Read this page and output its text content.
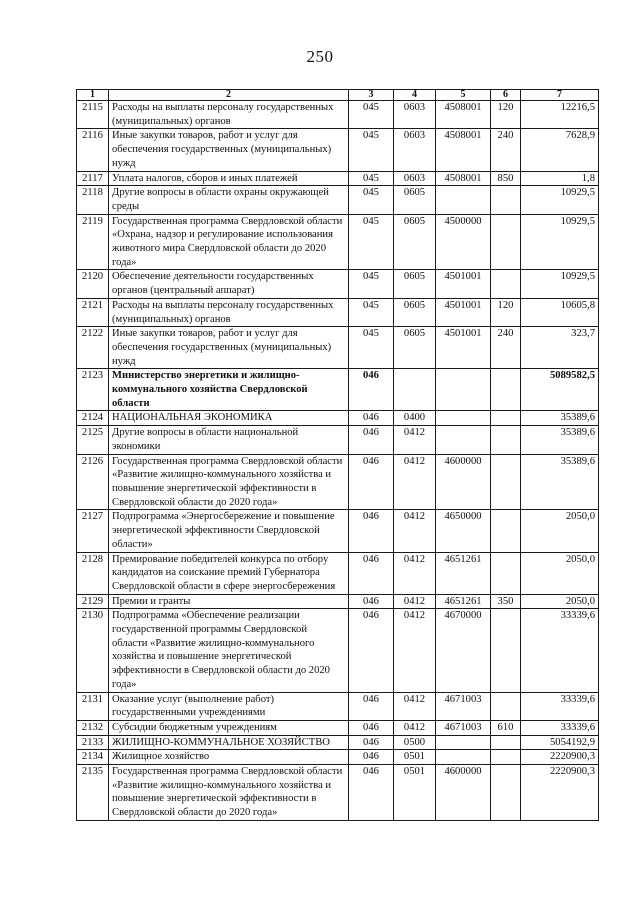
250
1	2	3	4	5	6	7
2115	Расходы на выплаты персоналу государственных (муниципальных) органов	045	0603	4508001	120	12216,5
2116	Иные закупки товаров, работ и услуг для обеспечения государственных (муниципальных) нужд	045	0603	4508001	240	7628,9
2117	Уплата налогов, сборов и иных платежей	045	0603	4508001	850	1,8
2118	Другие вопросы в области охраны окружающей среды	045	0605			10929,5
2119	Государственная программа Свердловской области «Охрана, надзор и регулирование использования животного мира Свердловской области до 2020 года»	045	0605	4500000		10929,5
2120	Обеспечение деятельности государственных органов (центральный аппарат)	045	0605	4501001		10929,5
2121	Расходы на выплаты персоналу государственных (муниципальных) органов	045	0605	4501001	120	10605,8
2122	Иные закупки товаров, работ и услуг для обеспечения государственных (муниципальных) нужд	045	0605	4501001	240	323,7
2123	Министерство энергетики и жилищно-коммунального хозяйства Свердловской области	046				5089582,5
2124	НАЦИОНАЛЬНАЯ ЭКОНОМИКА	046	0400			35389,6
2125	Другие вопросы в области национальной экономики	046	0412			35389,6
2126	Государственная программа Свердловской области «Развитие жилищно-коммунального хозяйства и повышение энергетической эффективности в Свердловской области до 2020 года»	046	0412	4600000		35389,6
2127	Подпрограмма «Энергосбережение и повышение энергетической эффективности Свердловской области»	046	0412	4650000		2050,0
2128	Премирование победителей конкурса по отбору кандидатов на соискание премий Губернатора Свердловской области в сфере энергосбережения	046	0412	4651261		2050,0
2129	Премии и гранты	046	0412	4651261	350	2050,0
2130	Подпрограмма «Обеспечение реализации государственной программы Свердловской области «Развитие жилищно-коммунального хозяйства и повышение энергетической эффективности в Свердловской области до 2020 года»	046	0412	4670000		33339,6
2131	Оказание услуг (выполнение работ) государственными учреждениями	046	0412	4671003		33339,6
2132	Субсидии бюджетным учреждениям	046	0412	4671003	610	33339,6
2133	ЖИЛИЩНО-КОММУНАЛЬНОЕ ХОЗЯЙСТВО	046	0500			5054192,9
2134	Жилищное хозяйство	046	0501			2220900,3
2135	Государственная программа Свердловской области «Развитие жилищно-коммунального хозяйства и повышение энергетической эффективности в Свердловской области до 2020 года»	046	0501	4600000		2220900,3
